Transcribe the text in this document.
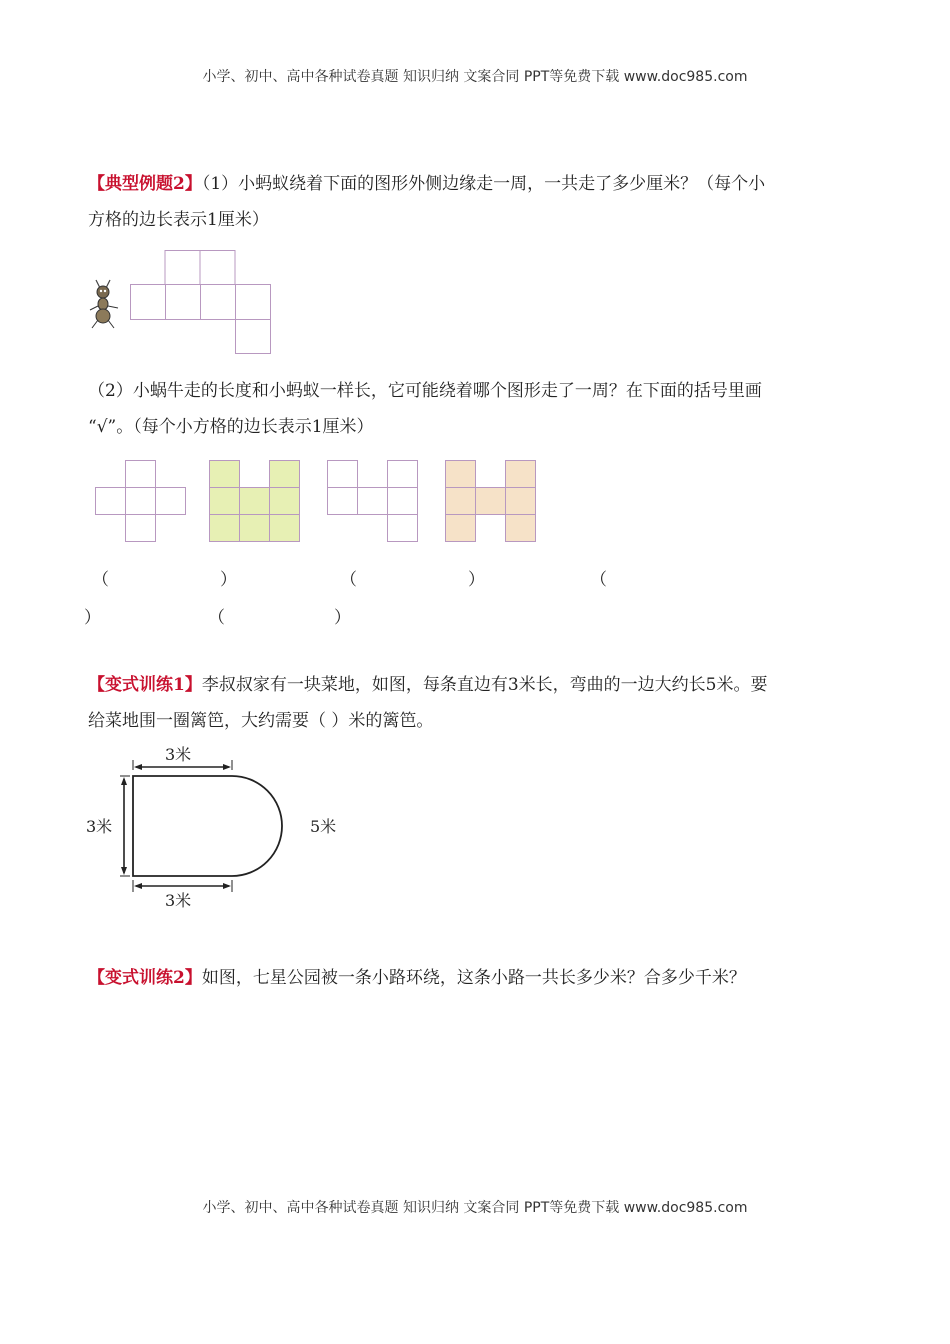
小学、初中、高中各种试卷真题 知识归纳 文案合同 PPT等免费下载 www.doc985.com
【典型例题2】（1）小蚂蚁绕着下面的图形外侧边缘走一周，一共走了多少厘米？（每个小
方格的边长表示1厘米）
（2）小蜗牛走的长度和小蚂蚁一样长，它可能绕着哪个图形走了一周？在下面的括号里画
“√”。（每个小方格的边长表示1厘米）
（	）	（	）	（
）	（	）
【变式训练1】李叔叔家有一块菜地，如图，每条直边有3米长，弯曲的一边大约长5米。要
给菜地围一圈篱笆，大约需要（ ）米的篱笆。
3米
3米	5米
3米
【变式训练2】如图，七星公园被一条小路环绕，这条小路一共长多少米？合多少千米？
小学、初中、高中各种试卷真题 知识归纳 文案合同 PPT等免费下载 www.doc985.com
